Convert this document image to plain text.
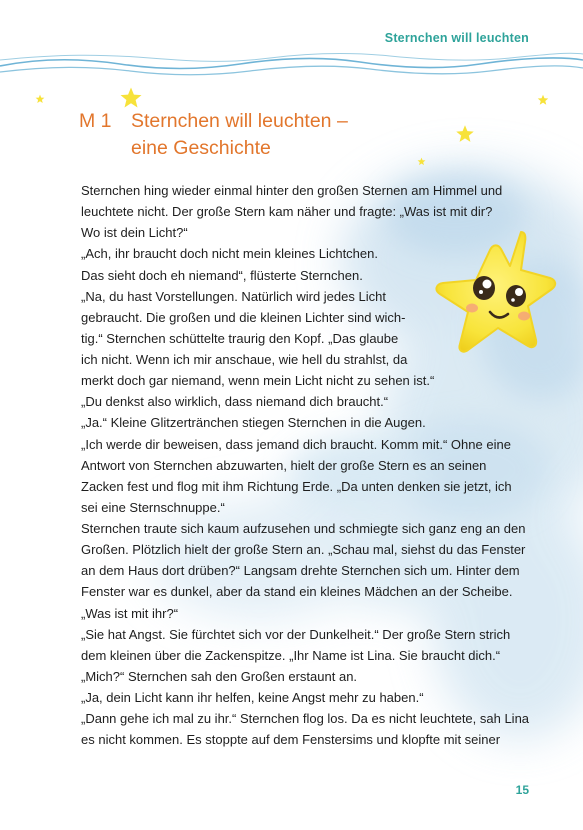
Sternchen will leuchten
M 1 Sternchen will leuchten –
eine Geschichte
Sternchen hing wieder einmal hinter den großen Sternen am Himmel und
leuchtete nicht. Der große Stern kam näher und fragte: „Was ist mit dir?
Wo ist dein Licht?“
„Ach, ihr braucht doch nicht mein kleines Lichtchen.
Das sieht doch eh niemand“, flüsterte Sternchen.
„Na, du hast Vorstellungen. Natürlich wird jedes Licht
gebraucht. Die großen und die kleinen Lichter sind wich-
tig.“ Sternchen schüttelte traurig den Kopf. „Das glaube
ich nicht. Wenn ich mir anschaue, wie hell du strahlst, da
merkt doch gar niemand, wenn mein Licht nicht zu sehen ist.“
„Du denkst also wirklich, dass niemand dich braucht.“
„Ja.“ Kleine Glitzertränchen stiegen Sternchen in die Augen.
„Ich werde dir beweisen, dass jemand dich braucht. Komm mit.“ Ohne eine
Antwort von Sternchen abzuwarten, hielt der große Stern es an seinen
Zacken fest und flog mit ihm Richtung Erde. „Da unten denken sie jetzt, ich
sei eine Sternschnuppe.“
Sternchen traute sich kaum aufzusehen und schmiegte sich ganz eng an den
Großen. Plötzlich hielt der große Stern an. „Schau mal, siehst du das Fenster
an dem Haus dort drüben?“ Langsam drehte Sternchen sich um. Hinter dem
Fenster war es dunkel, aber da stand ein kleines Mädchen an der Scheibe.
„Was ist mit ihr?“
„Sie hat Angst. Sie fürchtet sich vor der Dunkelheit.“ Der große Stern strich
dem kleinen über die Zackenspitze. „Ihr Name ist Lina. Sie braucht dich.“
„Mich?“ Sternchen sah den Großen erstaunt an.
„Ja, dein Licht kann ihr helfen, keine Angst mehr zu haben.“
„Dann gehe ich mal zu ihr.“ Sternchen flog los. Da es nicht leuchtete, sah Lina
es nicht kommen. Es stoppte auf dem Fenstersims und klopfte mit seiner
15
